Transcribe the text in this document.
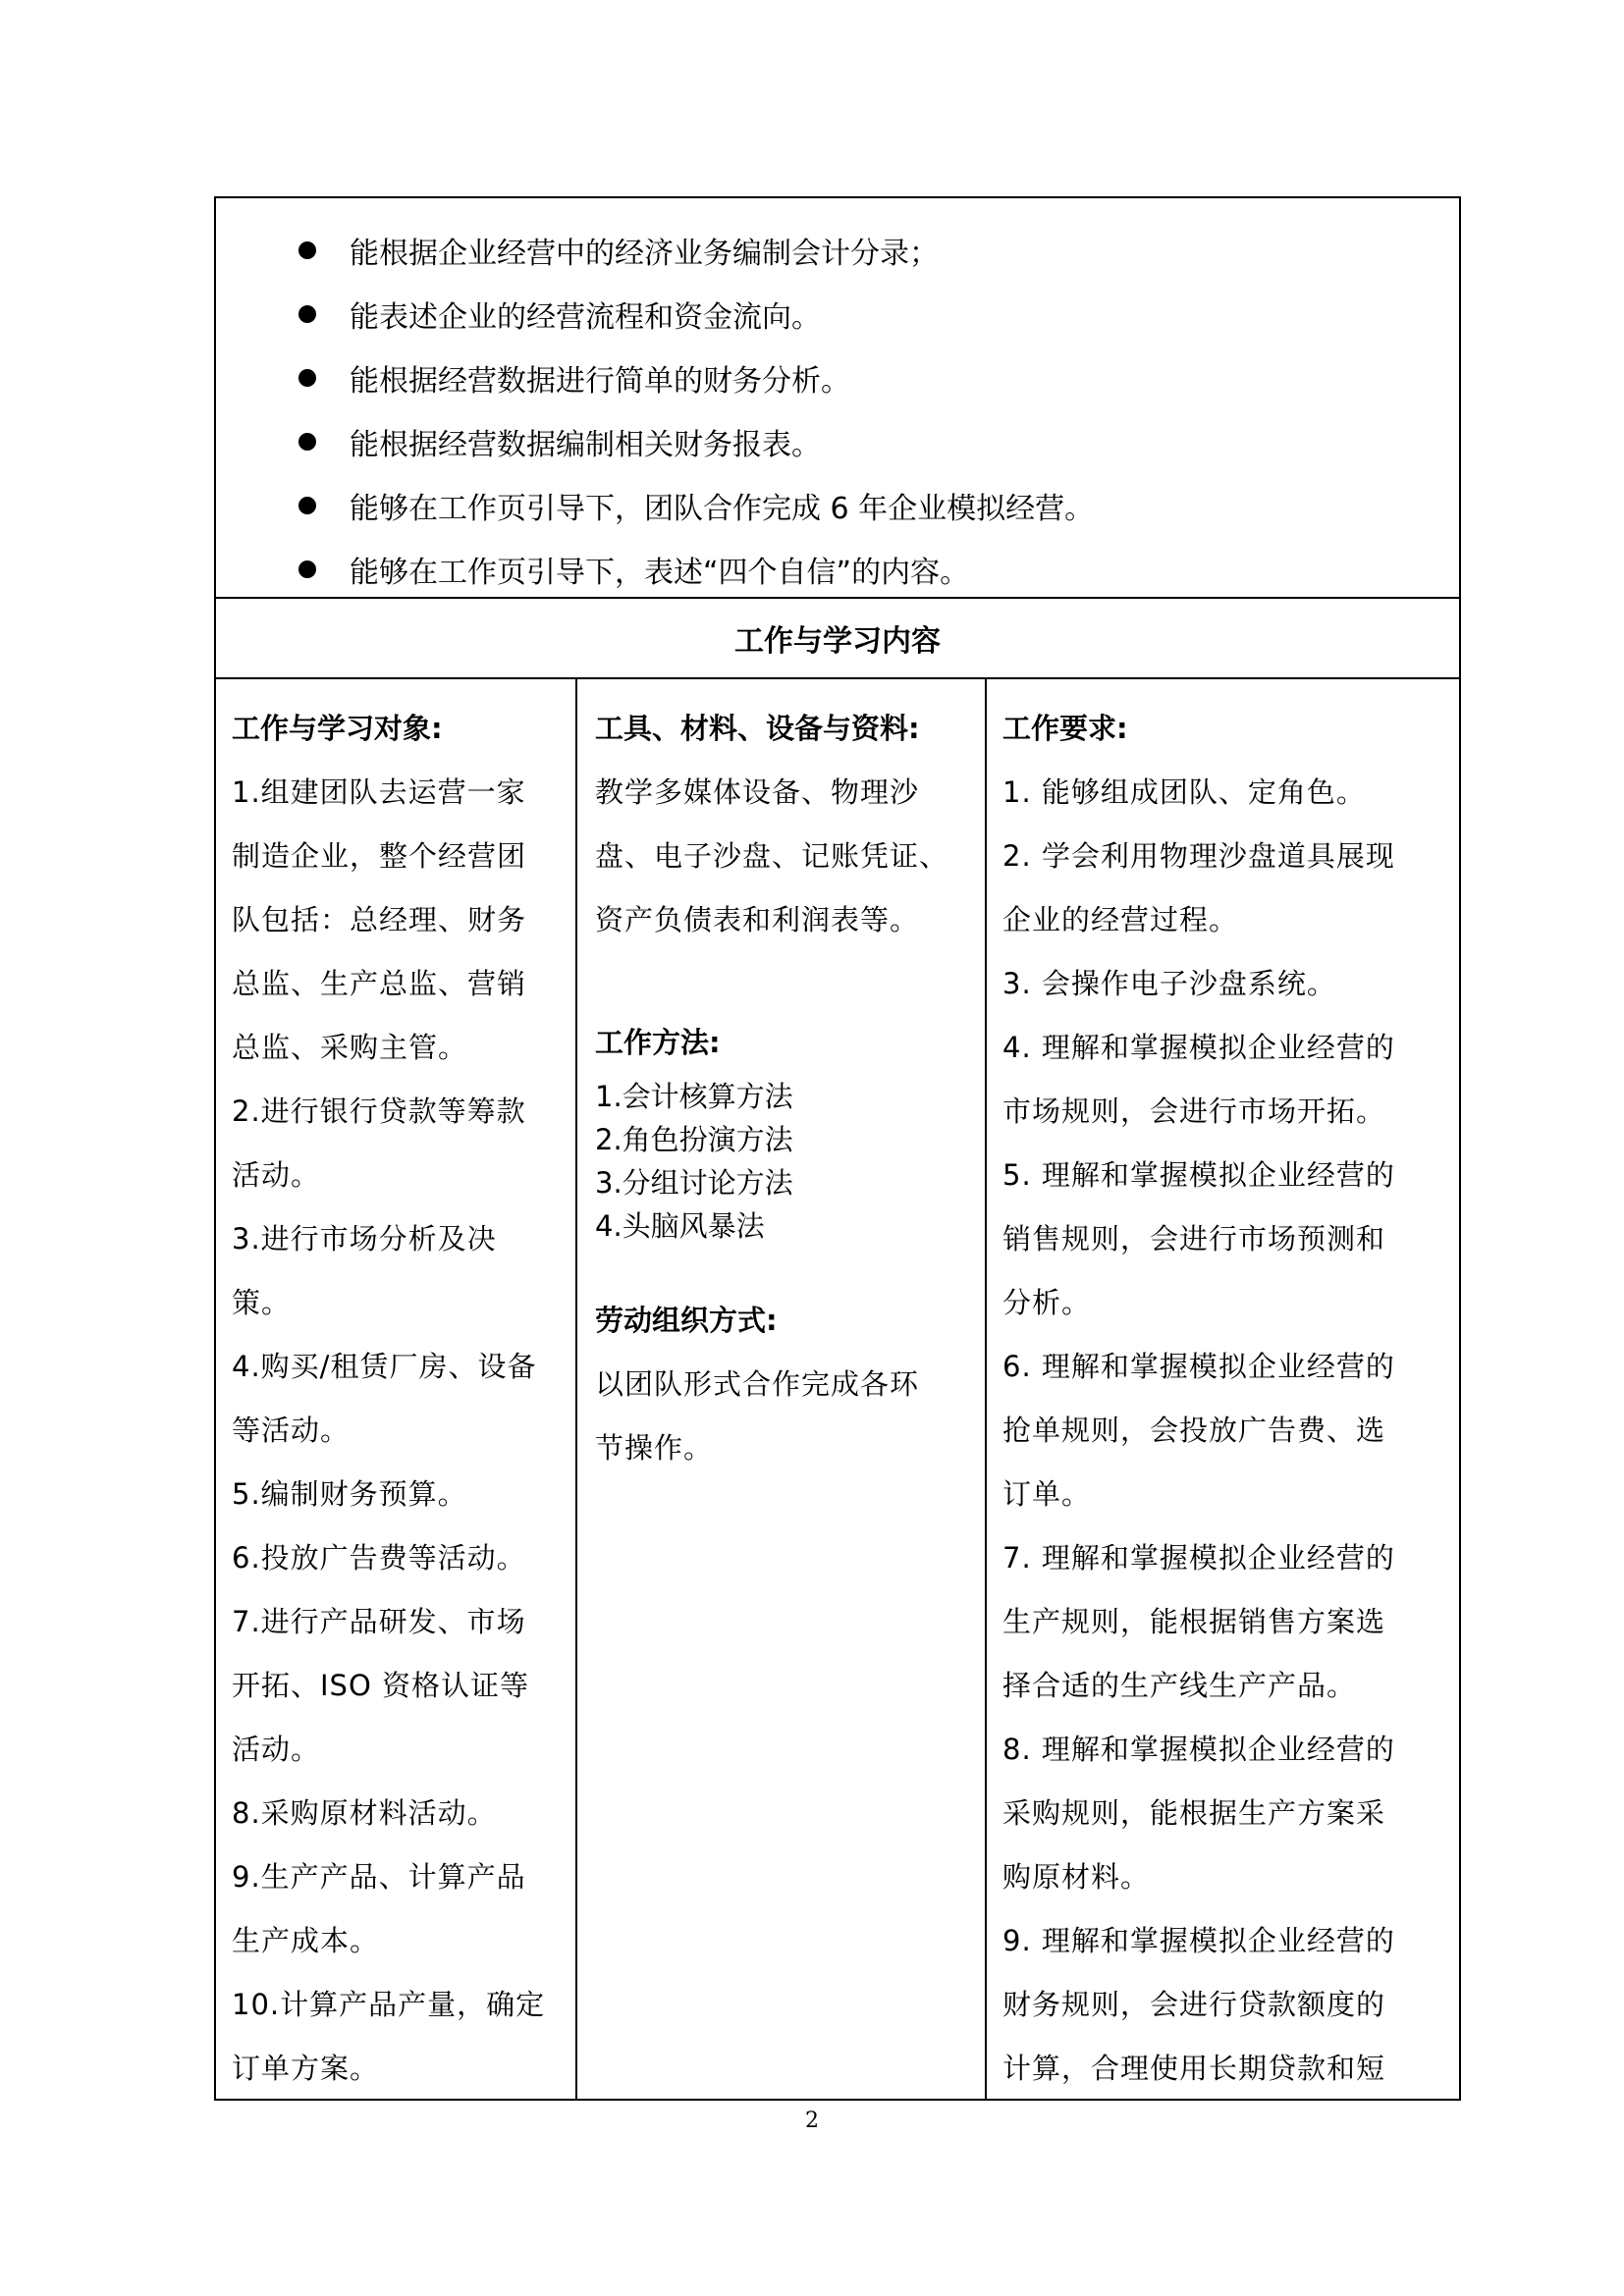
能根据企业经营中的经济业务编制会计分录；
能表述企业的经营流程和资金流向。
能根据经营数据进行简单的财务分析。
能根据经营数据编制相关财务报表。
能够在工作页引导下，团队合作完成 6 年企业模拟经营。
能够在工作页引导下，表述“四个自信”的内容。
工作与学习内容
工作与学习对象:
1.组建团队去运营一家
制造企业，整个经营团
队包括：总经理、财务
总监、生产总监、营销
总监、采购主管。
2.进行银行贷款等筹款
活动。
3.进行市场分析及决
策。
4.购买/租赁厂房、设备
等活动。
5.编制财务预算。
6.投放广告费等活动。
7.进行产品研发、市场
开拓、ISO 资格认证等
活动。
8.采购原材料活动。
9.生产产品、计算产品
生产成本。
10.计算产品产量，确定
订单方案。
工具、材料、设备与资料:
教学多媒体设备、物理沙
盘、电子沙盘、记账凭证、
资产负债表和利润表等。
工作方法:
1.会计核算方法
2.角色扮演方法
3.分组讨论方法
4.头脑风暴法
劳动组织方式:
以团队形式合作完成各环
节操作。
工作要求:
1. 能够组成团队、定角色。
2. 学会利用物理沙盘道具展现
企业的经营过程。
3. 会操作电子沙盘系统。
4. 理解和掌握模拟企业经营的
市场规则，会进行市场开拓。
5. 理解和掌握模拟企业经营的
销售规则，会进行市场预测和
分析。
6. 理解和掌握模拟企业经营的
抢单规则，会投放广告费、选
订单。
7. 理解和掌握模拟企业经营的
生产规则，能根据销售方案选
择合适的生产线生产产品。
8. 理解和掌握模拟企业经营的
采购规则，能根据生产方案采
购原材料。
9. 理解和掌握模拟企业经营的
财务规则，会进行贷款额度的
计算，合理使用长期贷款和短
2
